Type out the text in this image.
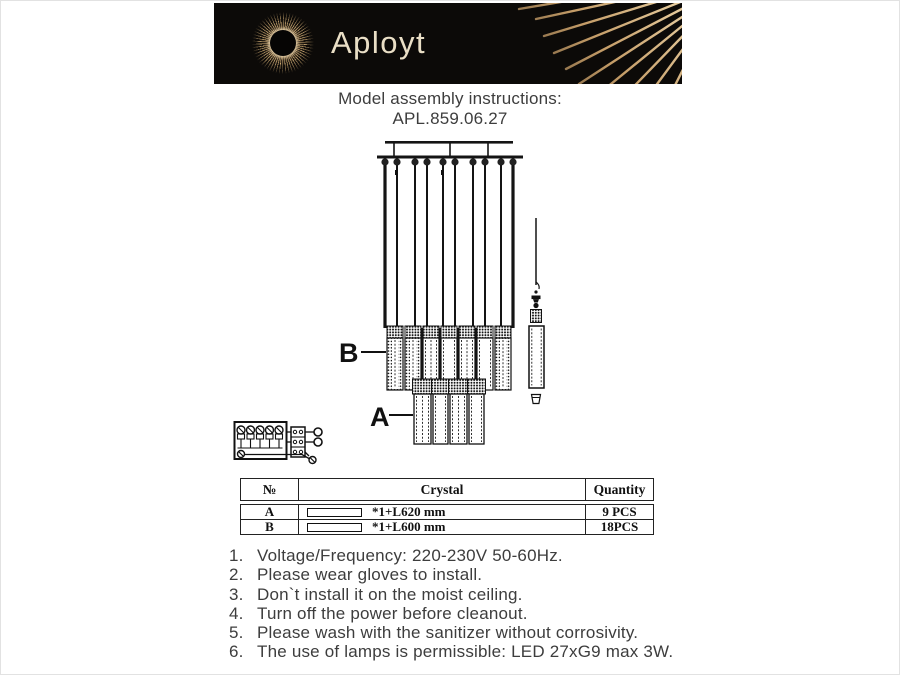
Aployt
Model assembly instructions:
APL.859.06.27
B
A
№	Crystal	Quantity
A	*1+L620 mm	9 PCS
B	*1+L600 mm	18PCS
1. Voltage/Frequency: 220-230V 50-60Hz.
2. Please wear gloves to install.
3. Don`t install it on the moist ceiling.
4. Turn off the power before cleanout.
5. Please wash with the sanitizer without corrosivity.
6. The use of lamps is permissible: LED 27xG9 max 3W.
